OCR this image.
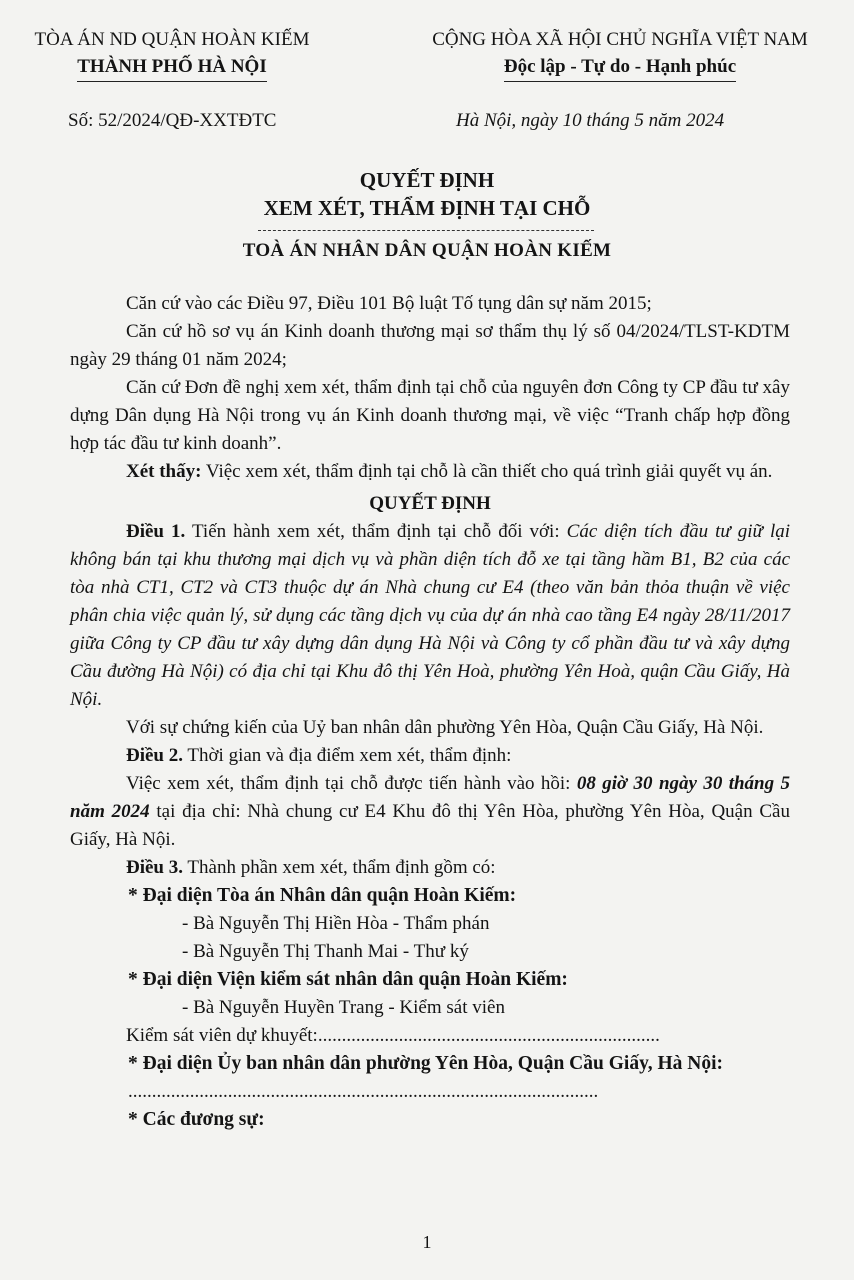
TÒA ÁN ND QUẬN HOÀN KIẾM
THÀNH PHỐ HÀ NỘI
CỘNG HÒA XÃ HỘI CHỦ NGHĨA VIỆT NAM
Độc lập - Tự do - Hạnh phúc
Số: 52/2024/QĐ-XXTĐTC	Hà Nội, ngày 10 tháng 5 năm 2024
QUYẾT ĐỊNH
XEM XÉT, THẨM ĐỊNH TẠI CHỖ
TOÀ ÁN NHÂN DÂN QUẬN HOÀN KIẾM

Căn cứ vào các Điều 97, Điều 101 Bộ luật Tố tụng dân sự năm 2015;

Căn cứ hồ sơ vụ án Kinh doanh thương mại sơ thẩm thụ lý số 04/2024/TLST-KDTM ngày 29 tháng 01 năm 2024;

Căn cứ Đơn đề nghị xem xét, thẩm định tại chỗ của nguyên đơn Công ty CP đầu tư xây dựng Dân dụng Hà Nội trong vụ án Kinh doanh thương mại, về việc “Tranh chấp hợp đồng hợp tác đầu tư kinh doanh”.

Xét thấy: Việc xem xét, thẩm định tại chỗ là cần thiết cho quá trình giải quyết vụ án.

QUYẾT ĐỊNH

Điều 1. Tiến hành xem xét, thẩm định tại chỗ đối với: Các diện tích đầu tư giữ lại không bán tại khu thương mại dịch vụ và phần diện tích đỗ xe tại tầng hầm B1, B2 của các tòa nhà CT1, CT2 và CT3 thuộc dự án Nhà chung cư E4 (theo văn bản thỏa thuận về việc phân chia việc quản lý, sử dụng các tầng dịch vụ của dự án nhà cao tầng E4 ngày 28/11/2017 giữa Công ty CP đầu tư xây dựng dân dụng Hà Nội và Công ty cổ phần đầu tư và xây dựng Cầu đường Hà Nội) có địa chỉ tại Khu đô thị Yên Hoà, phường Yên Hoà, quận Cầu Giấy, Hà Nội.

Với sự chứng kiến của Uỷ ban nhân dân phường Yên Hòa, Quận Cầu Giấy, Hà Nội.

Điều 2. Thời gian và địa điểm xem xét, thẩm định:

Việc xem xét, thẩm định tại chỗ được tiến hành vào hồi: 08 giờ 30 ngày 30 tháng 5 năm 2024 tại địa chỉ: Nhà chung cư E4 Khu đô thị Yên Hòa, phường Yên Hòa, Quận Cầu Giấy, Hà Nội.

Điều 3. Thành phần xem xét, thẩm định gồm có:

* Đại diện Tòa án Nhân dân quận Hoàn Kiếm:

- Bà Nguyễn Thị Hiền Hòa - Thẩm phán

- Bà Nguyễn Thị Thanh Mai - Thư ký

* Đại diện Viện kiểm sát nhân dân quận Hoàn Kiếm:

- Bà Nguyễn Huyền Trang - Kiểm sát viên

Kiểm sát viên dự khuyết:........................................................................

* Đại diện Ủy ban nhân dân phường Yên Hòa, Quận Cầu Giấy, Hà Nội:

...................................................................................................

* Các đương sự:

1
